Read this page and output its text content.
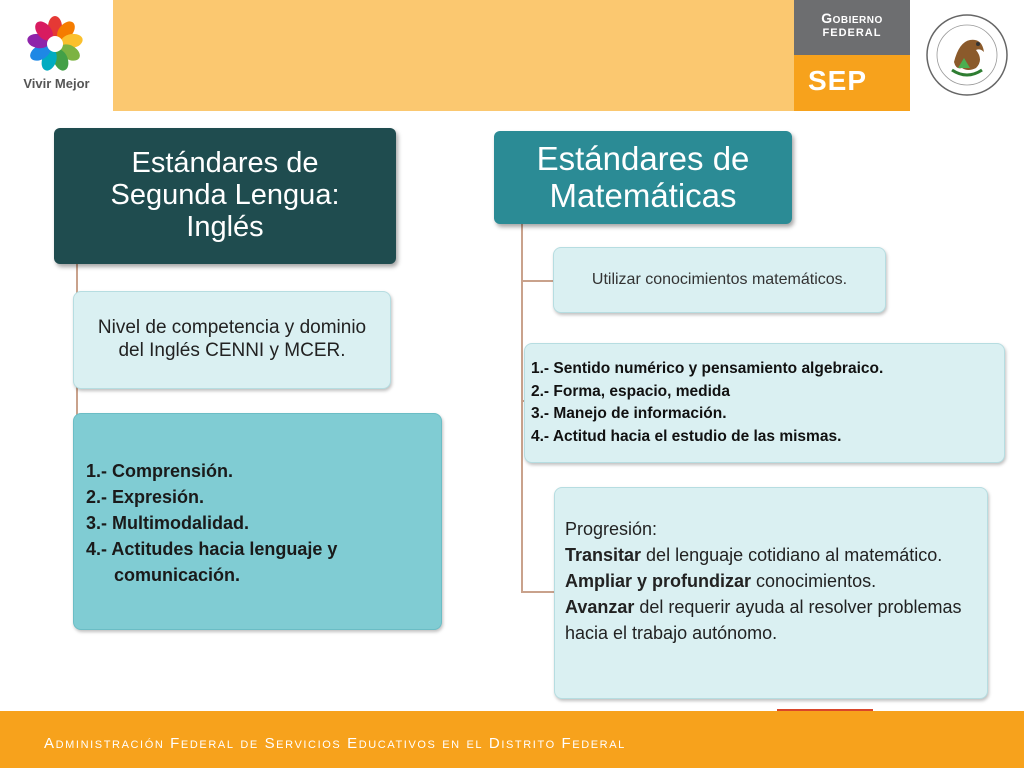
Vivir Mejor
Gobierno
FEDERAL
SEP
Estándares de Segunda Lengua: Inglés
Nivel de competencia y dominio del Inglés CENNI y MCER.
1.- Comprensión.
2.- Expresión.
3.- Multimodalidad.
4.- Actitudes hacia lenguaje y
comunicación.
Estándares de Matemáticas
Utilizar conocimientos matemáticos.
1.- Sentido numérico y pensamiento algebraico.
2.- Forma, espacio, medida
3.- Manejo de información.
4.- Actitud hacia el estudio de las mismas.
Progresión:
Transitar del lenguaje cotidiano al matemático.
Ampliar y profundizar conocimientos.
Avanzar del requerir ayuda al resolver problemas hacia el trabajo autónomo.
Administración Federal de Servicios Educativos en el Distrito Federal
